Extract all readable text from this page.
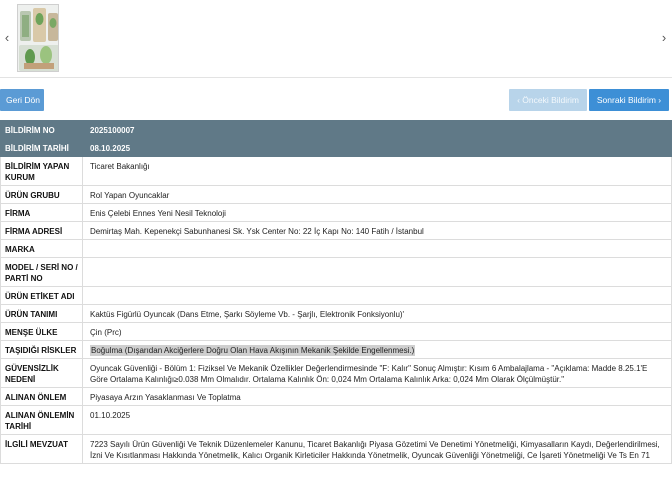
‹	›
Geri Dön	‹ Önceki Bildirim	Sonraki Bildirim ›
BİLDİRİM NO	2025100007
BİLDİRİM TARİHİ	08.10.2025
BİLDİRİM YAPAN KURUM	Ticaret Bakanlığı
ÜRÜN GRUBU	Rol Yapan Oyuncaklar
FİRMA	Enis Çelebi Ennes Yeni Nesil Teknoloji
FİRMA ADRESİ	Demirtaş Mah. Kepenekçi Sabunhanesi Sk. Ysk Center No: 22 İç Kapı No: 140 Fatih / İstanbul
MARKA	
MODEL / SERİ NO / PARTİ NO	
ÜRÜN ETİKET ADI	
ÜRÜN TANIMI	Kaktüs Figürlü Oyuncak (Dans Etme, Şarkı Söyleme Vb. - Şarjlı, Elektronik Fonksiyonlu)'
MENŞE ÜLKE	Çin (Prc)
TAŞIDIĞI RİSKLER	Boğulma (Dışarıdan Akciğerlere Doğru Olan Hava Akışının Mekanik Şekilde Engellenmesi.)
GÜVENSİZLİK NEDENİ	Oyuncak Güvenliği - Bölüm 1: Fiziksel Ve Mekanik Özellikler Değerlendirmesinde "F: Kalır" Sonuç Almıştır: Kısım 6 Ambalajlama - "Açıklama: Madde 8.25.1'E Göre Ortalama Kalınlığı≥0.038 Mm Olmalıdır. Ortalama Kalınlık Ön: 0,024 Mm Ortalama Kalınlık Arka: 0,024 Mm Olarak Ölçülmüştür."
ALINAN ÖNLEM	Piyasaya Arzın Yasaklanması Ve Toplatma
ALINAN ÖNLEMİN TARİHİ	01.10.2025
İLGİLİ MEVZUAT	7223 Sayılı Ürün Güvenliği Ve Teknik Düzenlemeler Kanunu, Ticaret Bakanlığı Piyasa Gözetimi Ve Denetimi Yönetmeliği, Kimyasalların Kaydı, Değerlendirilmesi, İzni Ve Kısıtlanması Hakkında Yönetmelik, Kalıcı Organik Kirleticiler Hakkında Yönetmelik, Oyuncak Güvenliği Yönetmeliği, Ce İşareti Yönetmeliği Ve Ts En 71
